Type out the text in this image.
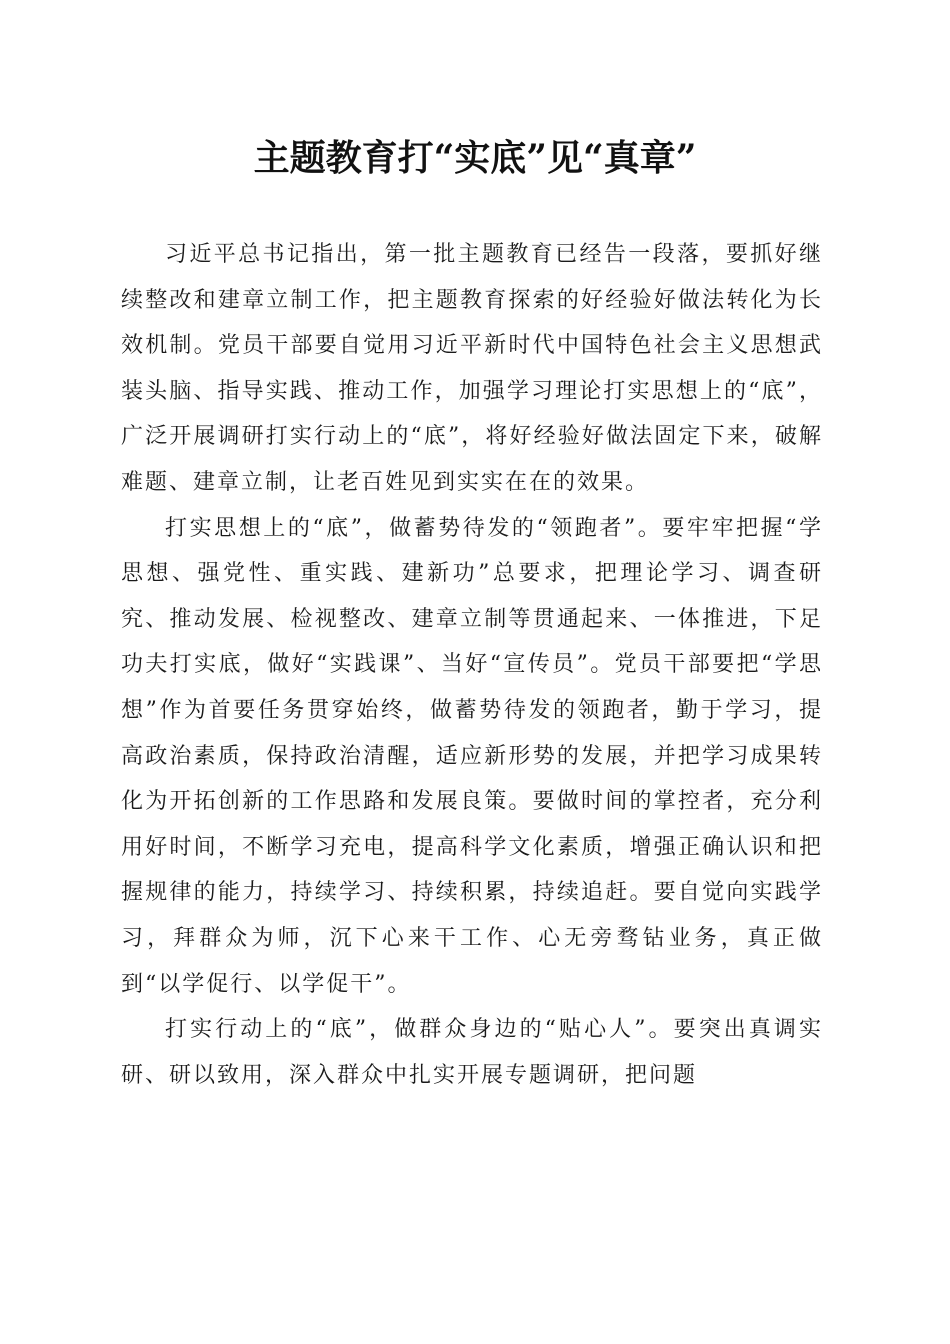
主题教育打“实底”见“真章”

习近平总书记指出，第一批主题教育已经告一段落，要抓好继续整改和建章立制工作，把主题教育探索的好经验好做法转化为长效机制。党员干部要自觉用习近平新时代中国特色社会主义思想武装头脑、指导实践、推动工作，加强学习理论打实思想上的“底”，广泛开展调研打实行动上的“底”，将好经验好做法固定下来，破解难题、建章立制，让老百姓见到实实在在的效果。

打实思想上的“底”，做蓄势待发的“领跑者”。要牢牢把握“学思想、强党性、重实践、建新功”总要求，把理论学习、调查研究、推动发展、检视整改、建章立制等贯通起来、一体推进，下足功夫打实底，做好“实践课”、当好“宣传员”。党员干部要把“学思想”作为首要任务贯穿始终，做蓄势待发的领跑者，勤于学习，提高政治素质，保持政治清醒，适应新形势的发展，并把学习成果转化为开拓创新的工作思路和发展良策。要做时间的掌控者，充分利用好时间，不断学习充电，提高科学文化素质，增强正确认识和把握规律的能力，持续学习、持续积累，持续追赶。要自觉向实践学习，拜群众为师，沉下心来干工作、心无旁骛钻业务，真正做到“以学促行、以学促干”。

打实行动上的“底”，做群众身边的“贴心人”。要突出真调实研、研以致用，深入群众中扎实开展专题调研，把问题
